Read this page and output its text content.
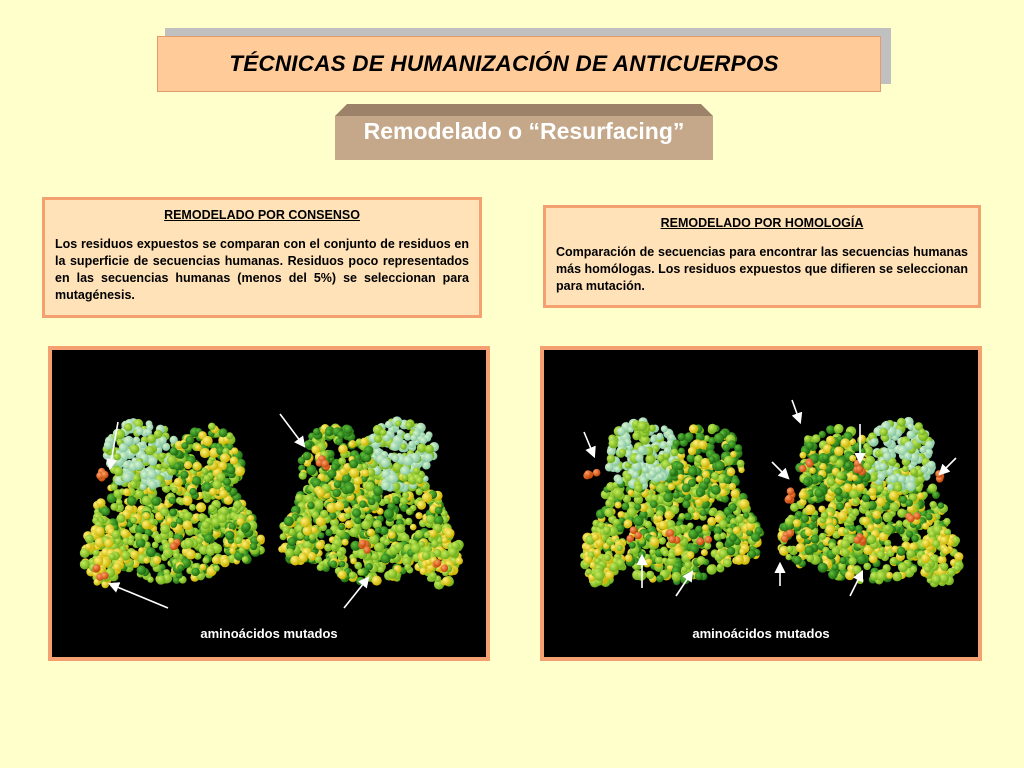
TÉCNICAS DE HUMANIZACIÓN DE ANTICUERPOS
Remodelado o “Resurfacing”
REMODELADO POR CONSENSO
Los residuos expuestos se comparan con el conjunto de residuos en la superficie de secuencias humanas. Residuos poco representados en las secuencias humanas (menos del 5%) se seleccionan para mutagénesis.
REMODELADO POR HOMOLOGÍA
Comparación de secuencias para encontrar las secuencias humanas más homólogas. Los residuos expuestos que difieren se seleccionan para mutación.
aminoácidos mutados	aminoácidos mutados
